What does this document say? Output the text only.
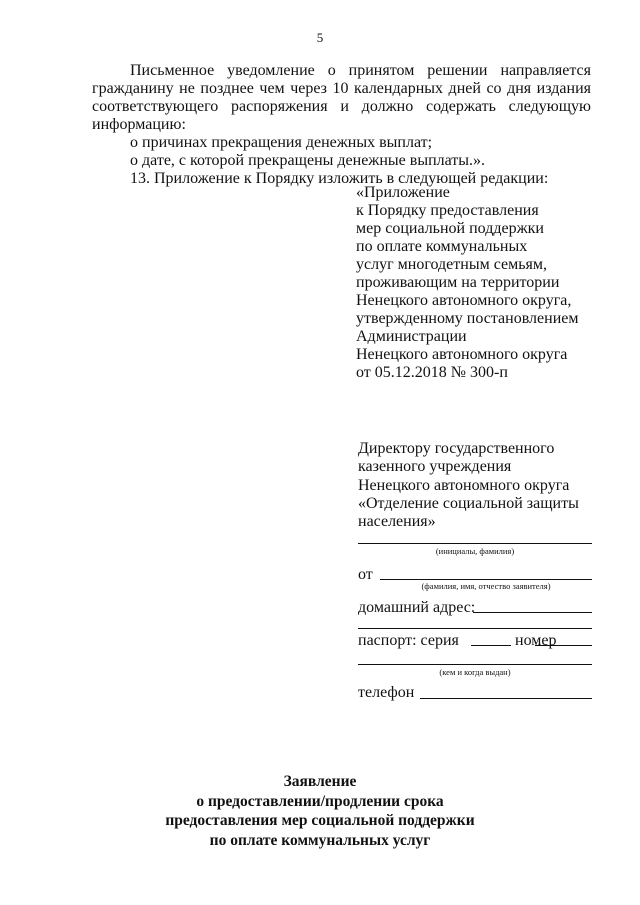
5
Письменное уведомление о принятом решении направляется
гражданину не позднее чем через 10 календарных дней со дня издания
соответствующего распоряжения и должно содержать следующую
информацию:
о причинах прекращения денежных выплат;
о дате, с которой прекращены денежные выплаты.».
13. Приложение к Порядку изложить в следующей редакции:
«Приложение
к Порядку предоставления
мер социальной поддержки
по оплате коммунальных
услуг многодетным семьям,
проживающим на территории
Ненецкого автономного округа,
утвержденному постановлением
Администрации
Ненецкого автономного округа
от 05.12.2018 № 300-п
Директору государственного
казенного учреждения
Ненецкого автономного округа
«Отделение социальной защиты
населения»
(инициалы, фамилия)
от
(фамилия, имя, отчество заявителя)
домашний адрес:
паспорт: серия	номер
(кем и когда выдан)
телефон
Заявление
о предоставлении/продлении срока
предоставления мер социальной поддержки
по оплате коммунальных услуг
